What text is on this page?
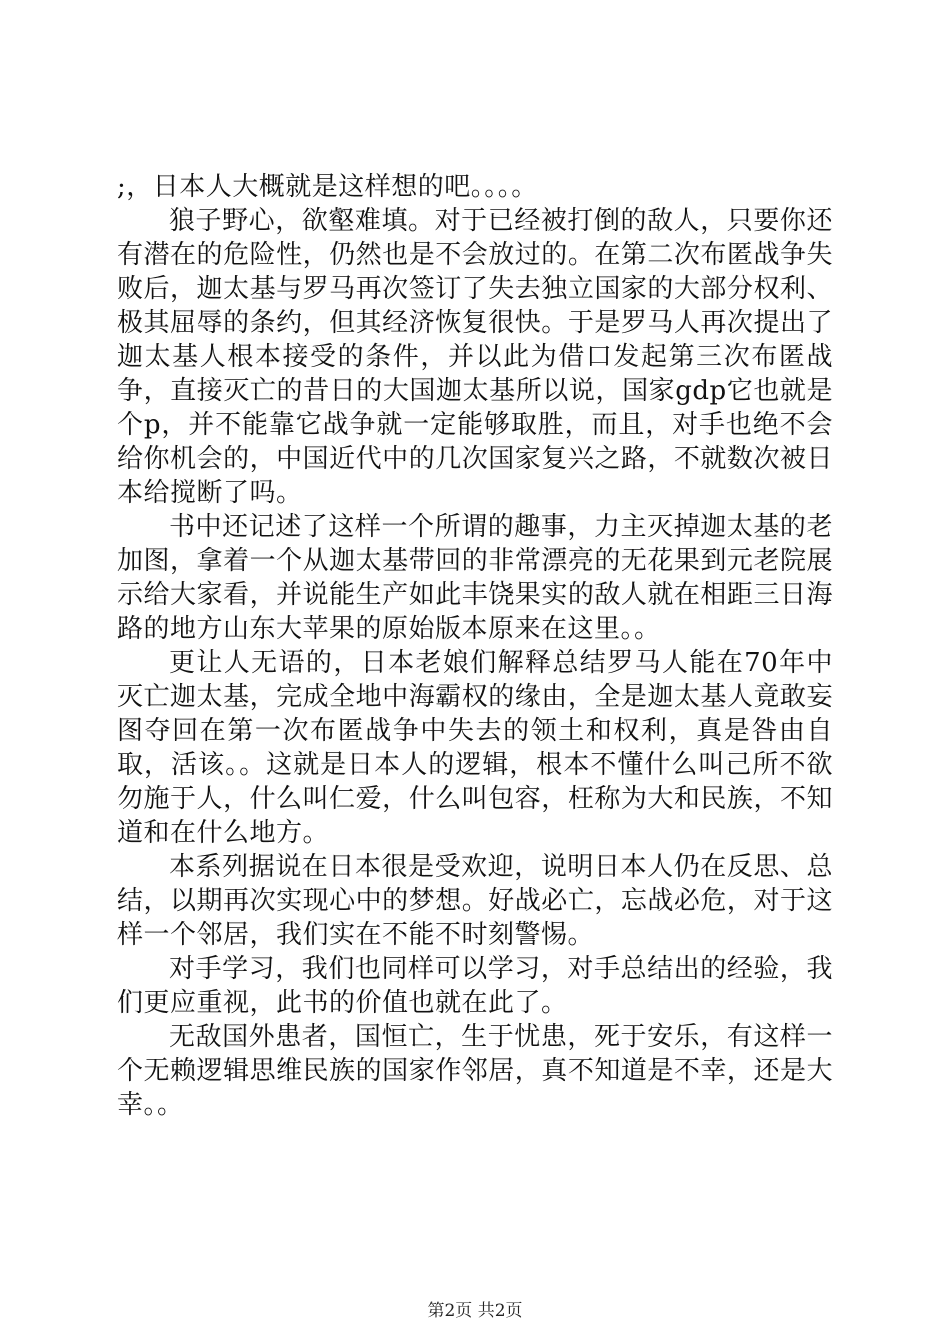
;，日本人大概就是这样想的吧。。。。

狼子野心，欲壑难填。对于已经被打倒的敌人，只要你还有潜在的危险性，仍然也是不会放过的。在第二次布匿战争失败后，迦太基与罗马再次签订了失去独立国家的大部分权利、极其屈辱的条约，但其经济恢复很快。于是罗马人再次提出了迦太基人根本接受的条件，并以此为借口发起第三次布匿战争，直接灭亡的昔日的大国迦太基所以说，国家gdp它也就是个p，并不能靠它战争就一定能够取胜，而且，对手也绝不会给你机会的，中国近代中的几次国家复兴之路，不就数次被日本给搅断了吗。

书中还记述了这样一个所谓的趣事，力主灭掉迦太基的老加图，拿着一个从迦太基带回的非常漂亮的无花果到元老院展示给大家看，并说能生产如此丰饶果实的敌人就在相距三日海路的地方山东大苹果的原始版本原来在这里。。

更让人无语的，日本老娘们解释总结罗马人能在70年中灭亡迦太基，完成全地中海霸权的缘由，全是迦太基人竟敢妄图夺回在第一次布匿战争中失去的领土和权利，真是咎由自取，活该。。这就是日本人的逻辑，根本不懂什么叫己所不欲勿施于人，什么叫仁爱，什么叫包容，枉称为大和民族，不知道和在什么地方。

本系列据说在日本很是受欢迎，说明日本人仍在反思、总结，以期再次实现心中的梦想。好战必亡，忘战必危，对于这样一个邻居，我们实在不能不时刻警惕。

对手学习，我们也同样可以学习，对手总结出的经验，我们更应重视，此书的价值也就在此了。

无敌国外患者，国恒亡，生于忧患，死于安乐，有这样一个无赖逻辑思维民族的国家作邻居，真不知道是不幸，还是大幸。。

第2页 共2页
